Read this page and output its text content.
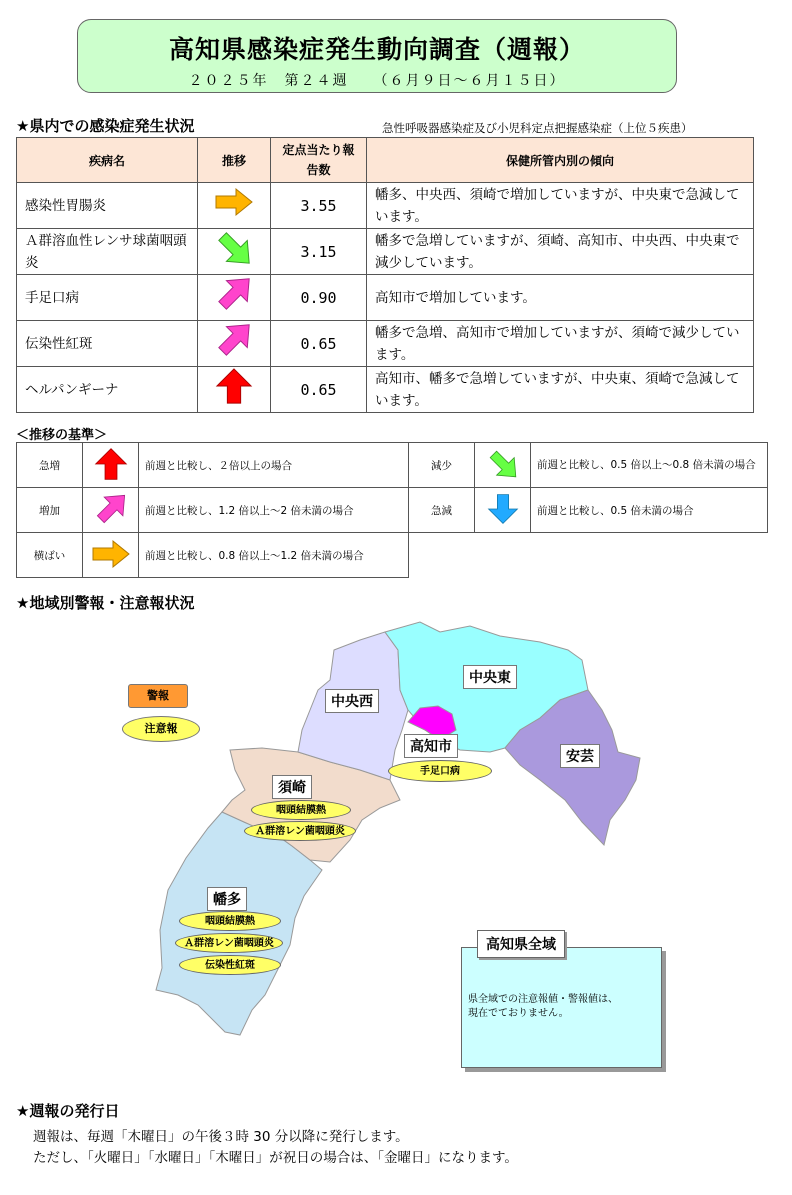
高知県感染症発生動向調査（週報）
２０２５年　第２４週　　（６月９日～６月１５日）
★県内での感染症発生状況	急性呼吸器感染症及び小児科定点把握感染症（上位５疾患）
疾病名	推移	定点当たり報告数	保健所管内別の傾向
感染性胃腸炎		3.55	幡多、中央西、須崎で増加していますが、中央東で急減しています。
Ａ群溶血性レンサ球菌咽頭炎		3.15	幡多で急増していますが、須崎、高知市、中央西、中央東で減少しています。
手足口病		0.90	高知市で増加しています。
伝染性紅斑		0.65	幡多で急増、高知市で増加していますが、須崎で減少しています。
ヘルパンギーナ		0.65	高知市、幡多で急増していますが、中央東、須崎で急減しています。
＜推移の基準＞
急増		前週と比較し、２倍以上の場合	減少		前週と比較し、0.5 倍以上～0.8 倍未満の場合
増加		前週と比較し、1.2 倍以上～2 倍未満の場合	急減		前週と比較し、0.5 倍未満の場合
横ばい		前週と比較し、0.8 倍以上～1.2 倍未満の場合			
★地域別警報・注意報状況
警報
注意報
中央西
中央東
高知市
安芸
須崎
幡多
手足口病
咽頭結膜熱
Ａ群溶レン菌咽頭炎
咽頭結膜熱
Ａ群溶レン菌咽頭炎
伝染性紅斑
高知県全域
県全域での注意報値・警報値は、
現在でておりません。
★週報の発行日
週報は、毎週「木曜日」の午後３時 30 分以降に発行します。
ただし、「火曜日」「水曜日」「木曜日」が祝日の場合は、「金曜日」になります。
